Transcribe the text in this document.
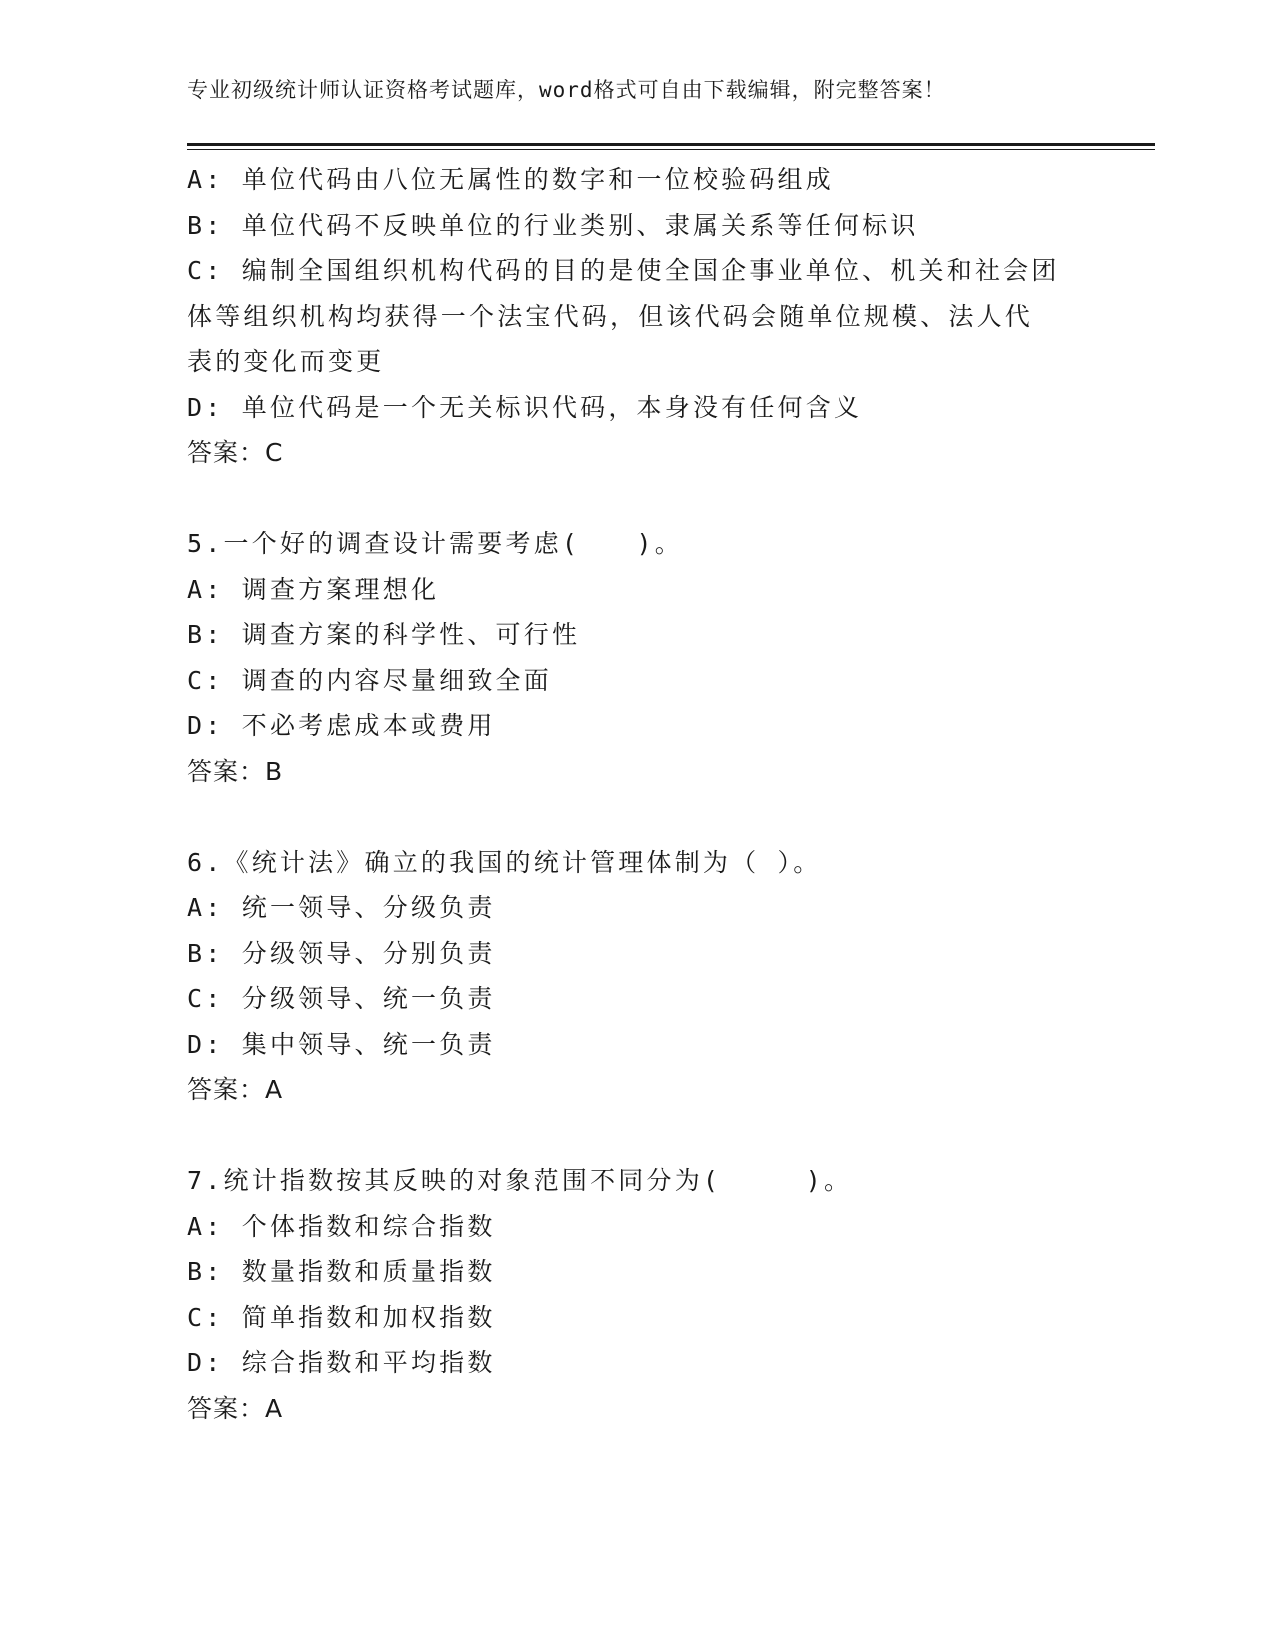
专业初级统计师认证资格考试题库，word格式可自由下载编辑，附完整答案！
A: 单位代码由八位无属性的数字和一位校验码组成
B: 单位代码不反映单位的行业类别、隶属关系等任何标识
C: 编制全国组织机构代码的目的是使全国企事业单位、机关和社会团
体等组织机构均获得一个法宝代码，但该代码会随单位规模、法人代
表的变化而变更
D: 单位代码是一个无关标识代码，本身没有任何含义
答案：C
5.一个好的调查设计需要考虑(　　)。
A: 调查方案理想化
B: 调查方案的科学性、可行性
C: 调查的内容尽量细致全面
D: 不必考虑成本或费用
答案：B
6.《统计法》确立的我国的统计管理体制为（ ）。
A: 统一领导、分级负责
B: 分级领导、分别负责
C: 分级领导、统一负责
D: 集中领导、统一负责
答案：A
7.统计指数按其反映的对象范围不同分为(　　　)。
A: 个体指数和综合指数
B: 数量指数和质量指数
C: 简单指数和加权指数
D: 综合指数和平均指数
答案：A
